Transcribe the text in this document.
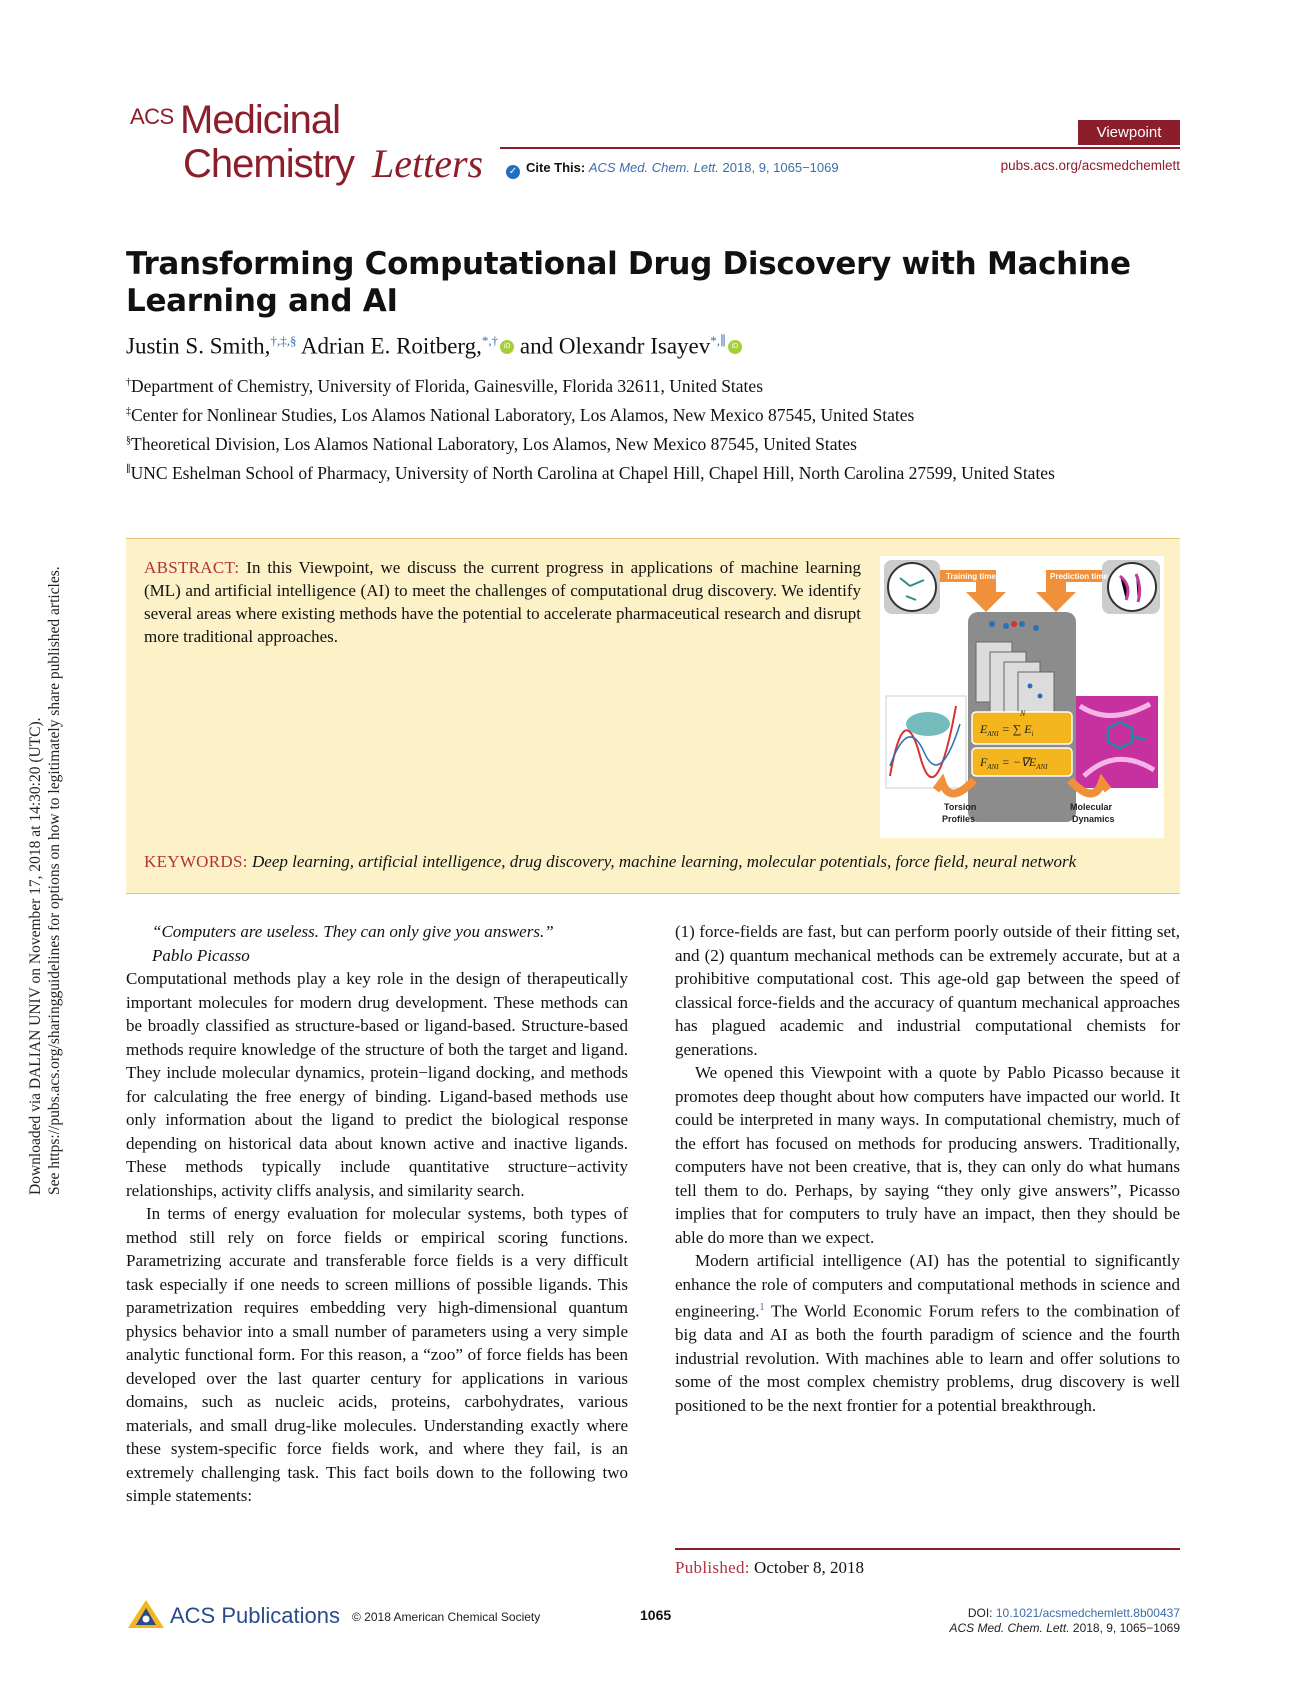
Downloaded via DALIAN UNIV on November 17, 2018 at 14:30:20 (UTC). See https://pubs.acs.org/sharingguidelines for options on how to legitimately share published articles.
ACS Medicinal
Chemistry Letters
Viewpoint
✓ Cite This: ACS Med. Chem. Lett. 2018, 9, 1065−1069	pubs.acs.org/acsmedchemlett
Transforming Computational Drug Discovery with Machine Learning and AI
Justin S. Smith,†,‡,§ Adrian E. Roitberg,*,† iD and Olexandr Isayev*,∥ iD
†Department of Chemistry, University of Florida, Gainesville, Florida 32611, United States
‡Center for Nonlinear Studies, Los Alamos National Laboratory, Los Alamos, New Mexico 87545, United States
§Theoretical Division, Los Alamos National Laboratory, Los Alamos, New Mexico 87545, United States
∥UNC Eshelman School of Pharmacy, University of North Carolina at Chapel Hill, Chapel Hill, North Carolina 27599, United States
ABSTRACT: In this Viewpoint, we discuss the current progress in applications of machine learning (ML) and artificial intelligence (AI) to meet the challenges of computational drug discovery. We identify several areas where existing methods have the potential to accelerate pharmaceutical research and disrupt more traditional approaches.
Training time	Prediction time
$E_{ANI}$ = ∑ $E_i$
N
$F_{ANI} = -\nabla E_{ANI}$
Torsion
Profiles
Molecular
Dynamics
KEYWORDS: Deep learning, artificial intelligence, drug discovery, machine learning, molecular potentials, force field, neural network

“Computers are useless. They can only give you answers.”
Pablo Picasso

Computational methods play a key role in the design of therapeutically important molecules for modern drug development. These methods can be broadly classified as structure-based or ligand-based. Structure-based methods require knowledge of the structure of both the target and ligand. They include molecular dynamics, protein−ligand docking, and methods for calculating the free energy of binding. Ligand-based methods use only information about the ligand to predict the biological response depending on historical data about known active and inactive ligands. These methods typically include quantitative structure−activity relationships, activity cliffs analysis, and similarity search.

In terms of energy evaluation for molecular systems, both types of method still rely on force fields or empirical scoring functions. Parametrizing accurate and transferable force fields is a very difficult task especially if one needs to screen millions of possible ligands. This parametrization requires embedding very high-dimensional quantum physics behavior into a small number of parameters using a very simple analytic functional form. For this reason, a “zoo” of force fields has been developed over the last quarter century for applications in various domains, such as nucleic acids, proteins, carbohydrates, various materials, and small drug-like molecules. Understanding exactly where these system-specific force fields work, and where they fail, is an extremely challenging task. This fact boils down to the following two simple statements:

(1) force-fields are fast, but can perform poorly outside of their fitting set, and (2) quantum mechanical methods can be extremely accurate, but at a prohibitive computational cost. This age-old gap between the speed of classical force-fields and the accuracy of quantum mechanical approaches has plagued academic and industrial computational chemists for generations.

We opened this Viewpoint with a quote by Pablo Picasso because it promotes deep thought about how computers have impacted our world. It could be interpreted in many ways. In computational chemistry, much of the effort has focused on methods for producing answers. Traditionally, computers have not been creative, that is, they can only do what humans tell them to do. Perhaps, by saying “they only give answers”, Picasso implies that for computers to truly have an impact, then they should be able do more than we expect.

Modern artificial intelligence (AI) has the potential to significantly enhance the role of computers and computational methods in science and engineering.$^1$ The World Economic Forum refers to the combination of big data and AI as both the fourth paradigm of science and the fourth industrial revolution. With machines able to learn and offer solutions to some of the most complex chemistry problems, drug discovery is well positioned to be the next frontier for a potential breakthrough.

Published: October 8, 2018
ACS Publications © 2018 American Chemical Society	1065	DOI: 10.1021/acsmedchemlett.8b00437
ACS Med. Chem. Lett. 2018, 9, 1065−1069
